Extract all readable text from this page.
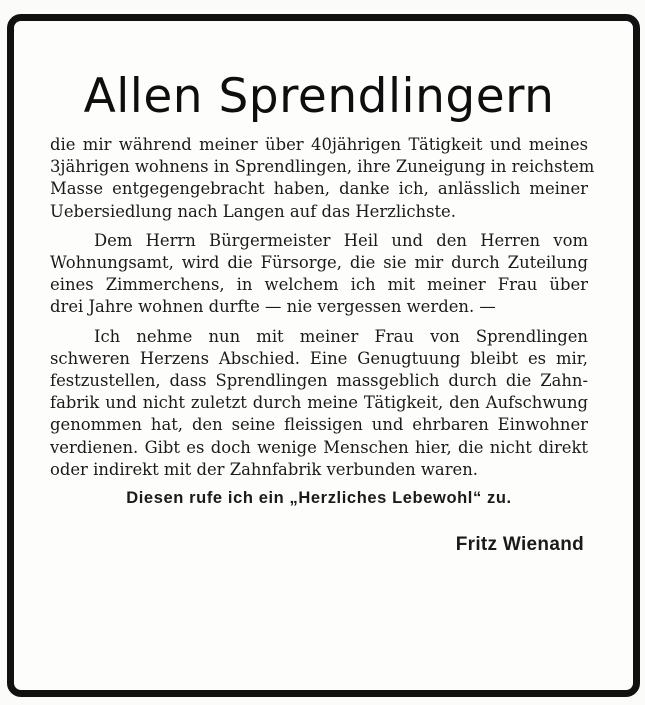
Allen Sprendlingern

die mir während meiner über 40jährigen Tätigkeit und meines
3jährigen wohnens in Sprendlingen, ihre Zuneigung in reichstem
Masse entgegengebracht haben, danke ich, anlässlich meiner
Uebersiedlung nach Langen auf das Herzlichste.

Dem Herrn Bürgermeister Heil und den Herren vom
Wohnungsamt, wird die Fürsorge, die sie mir durch Zuteilung
eines Zimmerchens, in welchem ich mit meiner Frau über
drei Jahre wohnen durfte — nie vergessen werden. —

Ich nehme nun mit meiner Frau von Sprendlingen
schweren Herzens Abschied. Eine Genugtuung bleibt es mir,
festzustellen, dass Sprendlingen massgeblich durch die Zahn-
fabrik und nicht zuletzt durch meine Tätigkeit, den Aufschwung
genommen hat, den seine fleissigen und ehrbaren Einwohner
verdienen. Gibt es doch wenige Menschen hier, die nicht direkt
oder indirekt mit der Zahnfabrik verbunden waren.

Diesen rufe ich ein „Herzliches Lebewohl“ zu.
Fritz Wienand
